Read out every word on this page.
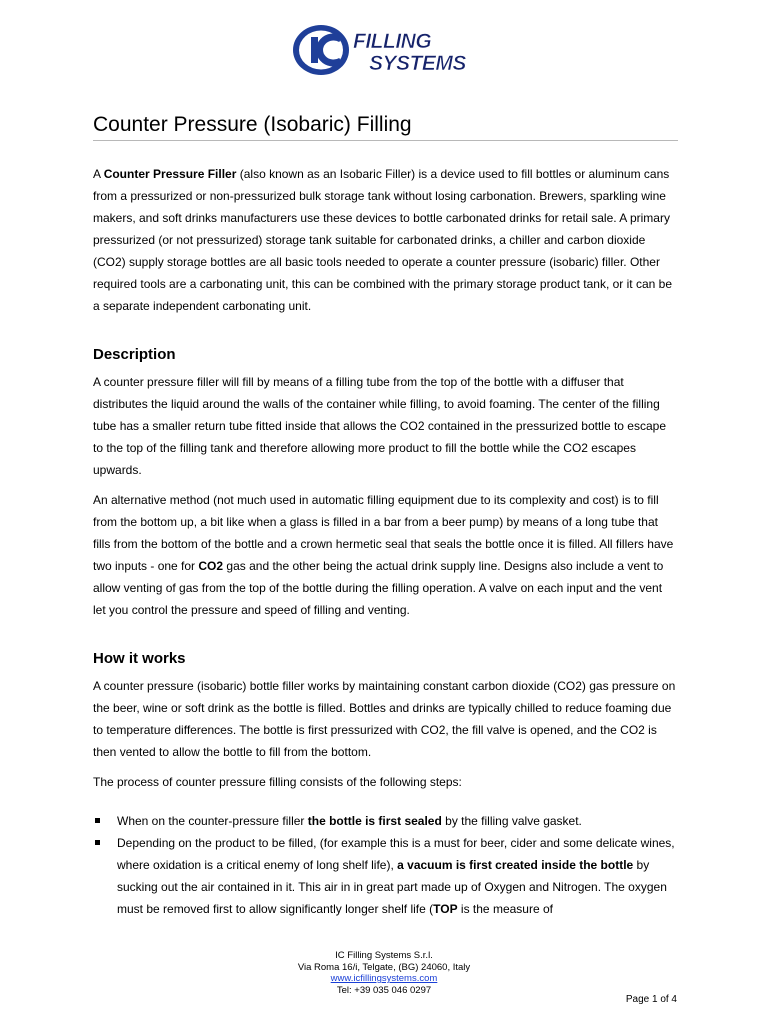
FILLING
SYSTEMS
Counter Pressure (Isobaric) Filling

A Counter Pressure Filler (also known as an Isobaric Filler) is a device used to fill bottles or aluminum cans from a pressurized or non-pressurized bulk storage tank without losing carbonation. Brewers, sparkling wine makers, and soft drinks manufacturers use these devices to bottle carbonated drinks for retail sale. A primary pressurized (or not pressurized) storage tank suitable for carbonated drinks, a chiller and carbon dioxide (CO2) supply storage bottles are all basic tools needed to operate a counter pressure (isobaric) filler. Other required tools are a carbonating unit, this can be combined with the primary storage product tank, or it can be a separate independent carbonating unit.

Description

A counter pressure filler will fill by means of a filling tube from the top of the bottle with a diffuser that distributes the liquid around the walls of the container while filling, to avoid foaming. The center of the filling tube has a smaller return tube fitted inside that allows the CO2 contained in the pressurized bottle to escape to the top of the filling tank and therefore allowing more product to fill the bottle while the CO2 escapes upwards.

An alternative method (not much used in automatic filling equipment due to its complexity and cost) is to fill from the bottom up, a bit like when a glass is filled in a bar from a beer pump) by means of a long tube that fills from the bottom of the bottle and a crown hermetic seal that seals the bottle once it is filled. All fillers have two inputs - one for CO2 gas and the other being the actual drink supply line. Designs also include a vent to allow venting of gas from the top of the bottle during the filling operation. A valve on each input and the vent let you control the pressure and speed of filling and venting.

How it works

A counter pressure (isobaric) bottle filler works by maintaining constant carbon dioxide (CO2) gas pressure on the beer, wine or soft drink as the bottle is filled. Bottles and drinks are typically chilled to reduce foaming due to temperature differences. The bottle is first pressurized with CO2, the fill valve is opened, and the CO2 is then vented to allow the bottle to fill from the bottom.

The process of counter pressure filling consists of the following steps:

When on the counter-pressure filler the bottle is first sealed by the filling valve gasket.
Depending on the product to be filled, (for example this is a must for beer, cider and some delicate wines, where oxidation is a critical enemy of long shelf life), a vacuum is first created inside the bottle by sucking out the air contained in it. This air in in great part made up of Oxygen and Nitrogen. The oxygen must be removed first to allow significantly longer shelf life (TOP is the measure of
IC Filling Systems S.r.l.
Via Roma 16/i, Telgate, (BG) 24060, Italy
www.icfillingsystems.com
Tel: +39 035 046 0297
Page 1 of 4
